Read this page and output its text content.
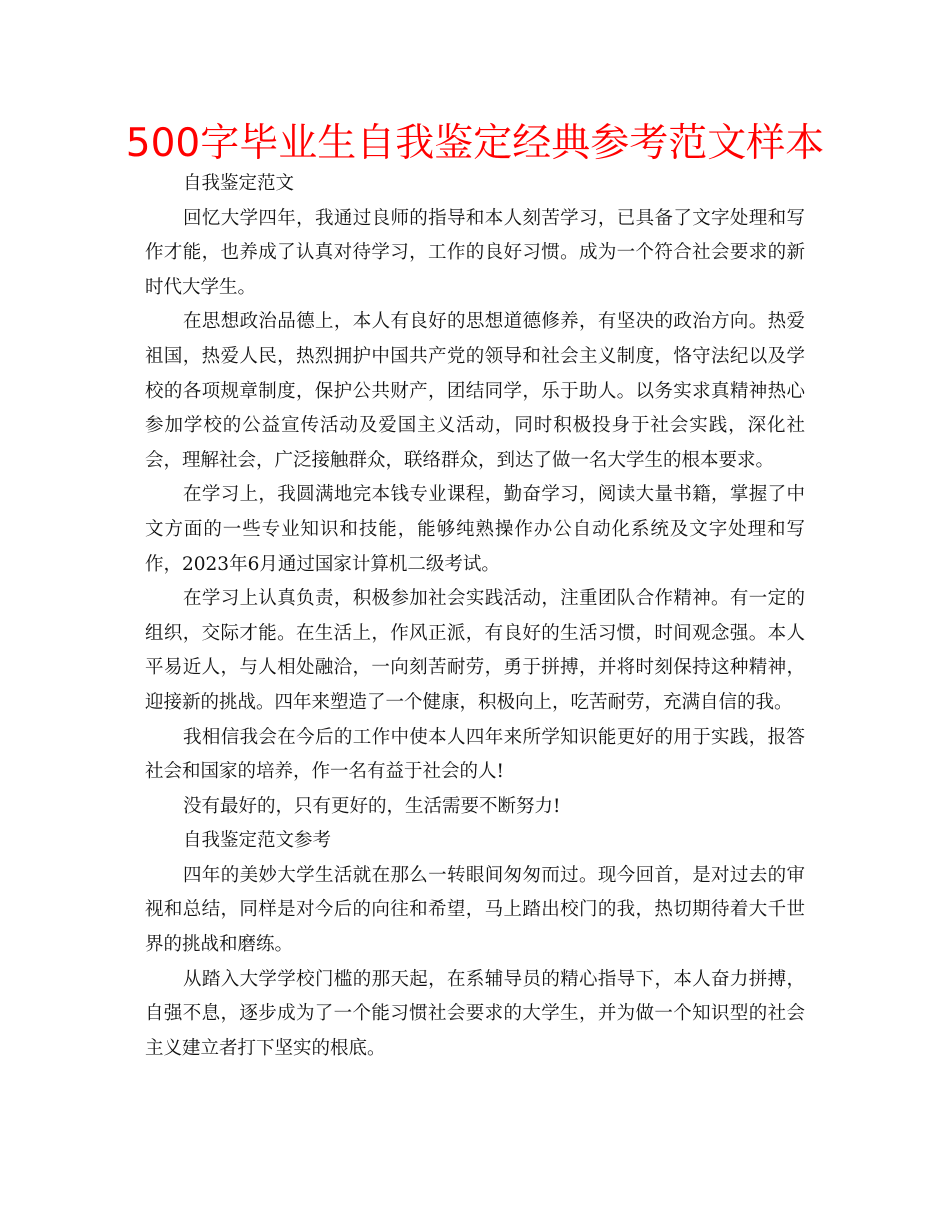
500字毕业生自我鉴定经典参考范文样本

自我鉴定范文

回忆大学四年，我通过良师的指导和本人刻苦学习，已具备了文字处理和写作才能，也养成了认真对待学习，工作的良好习惯。成为一个符合社会要求的新时代大学生。

在思想政治品德上，本人有良好的思想道德修养，有坚决的政治方向。热爱祖国，热爱人民，热烈拥护中国共产党的领导和社会主义制度，恪守法纪以及学校的各项规章制度，保护公共财产，团结同学，乐于助人。以务实求真精神热心参加学校的公益宣传活动及爱国主义活动，同时积极投身于社会实践，深化社会，理解社会，广泛接触群众，联络群众，到达了做一名大学生的根本要求。

在学习上，我圆满地完本钱专业课程，勤奋学习，阅读大量书籍，掌握了中文方面的一些专业知识和技能，能够纯熟操作办公自动化系统及文字处理和写作，2023年6月通过国家计算机二级考试。

在学习上认真负责，积极参加社会实践活动，注重团队合作精神。有一定的组织，交际才能。在生活上，作风正派，有良好的生活习惯，时间观念强。本人平易近人，与人相处融洽，一向刻苦耐劳，勇于拼搏，并将时刻保持这种精神，迎接新的挑战。四年来塑造了一个健康，积极向上，吃苦耐劳，充满自信的我。

我相信我会在今后的工作中使本人四年来所学知识能更好的用于实践，报答社会和国家的培养，作一名有益于社会的人!

没有最好的，只有更好的，生活需要不断努力!

自我鉴定范文参考

四年的美妙大学生活就在那么一转眼间匆匆而过。现今回首，是对过去的审视和总结，同样是对今后的向往和希望，马上踏出校门的我，热切期待着大千世界的挑战和磨练。

从踏入大学学校门槛的那天起，在系辅导员的精心指导下，本人奋力拼搏，自强不息，逐步成为了一个能习惯社会要求的大学生，并为做一个知识型的社会主义建立者打下坚实的根底。
